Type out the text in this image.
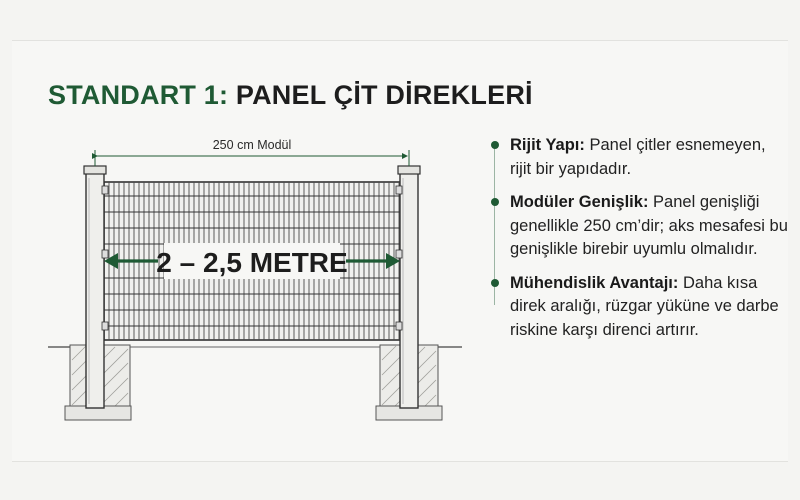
STANDART 1: PANEL ÇİT DİREKLERİ
250 cm Modül
2 – 2,5 METRE
Rijit Yapı: Panel çitler esnemeyen, rijit bir yapıdadır.
Modüler Genişlik: Panel genişliği genellikle 250 cm’dir; aks mesafesi bu genişlikle birebir uyumlu olmalıdır.
Mühendislik Avantajı: Daha kısa direk aralığı, rüzgar yüküne ve darbe riskine karşı direnci artırır.
